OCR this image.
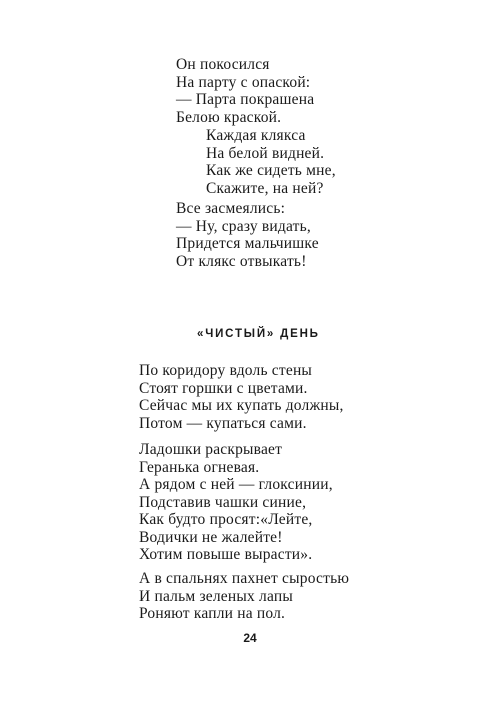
Он покосился
На парту с опаской:
— Парта покрашена
Белою краской.
Каждая клякса
На белой видней.
Как же сидеть мне,
Скажите, на ней?
Все засмеялись:
— Ну, сразу видать,
Придется мальчишке
От клякс отвыкать!
«ЧИСТЫЙ» ДЕНЬ
По коридору вдоль стены
Стоят горшки с цветами.
Сейчас мы их купать должны,
Потом — купаться сами.
Ладошки раскрывает
Геранька огневая.
А рядом с ней — глоксинии,
Подставив чашки синие,
Как будто просят:«Лейте,
Водички не жалейте!
Хотим повыше вырасти».
А в спальнях пахнет сыростью
И пальм зеленых лапы
Роняют капли на пол.
24
